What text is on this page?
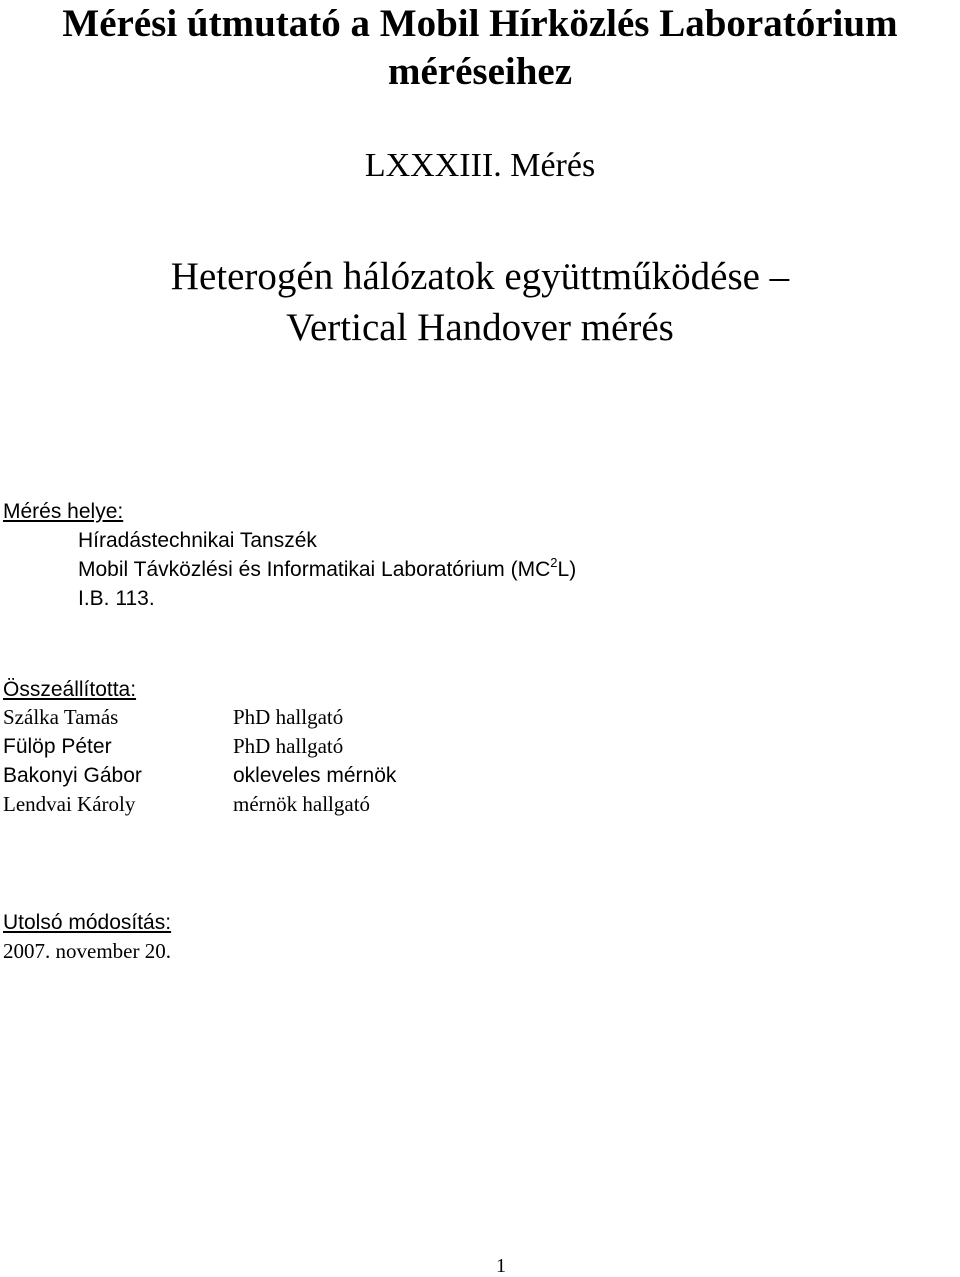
Mérési útmutató a Mobil Hírközlés Laboratórium
méréseihez
LXXXIII. Mérés
Heterogén hálózatok együttműködése –
Vertical Handover mérés
Mérés helye:
Híradástechnikai Tanszék
Mobil Távközlési és Informatikai Laboratórium $(MC^2L)$
I.B. 113.
Összeállította:
Szálka Tamás	PhD hallgató
Fülöp Péter	PhD hallgató
Bakonyi Gábor	okleveles mérnök
Lendvai Károly	mérnök hallgató
Utolsó módosítás:
2007. november 20.
1
